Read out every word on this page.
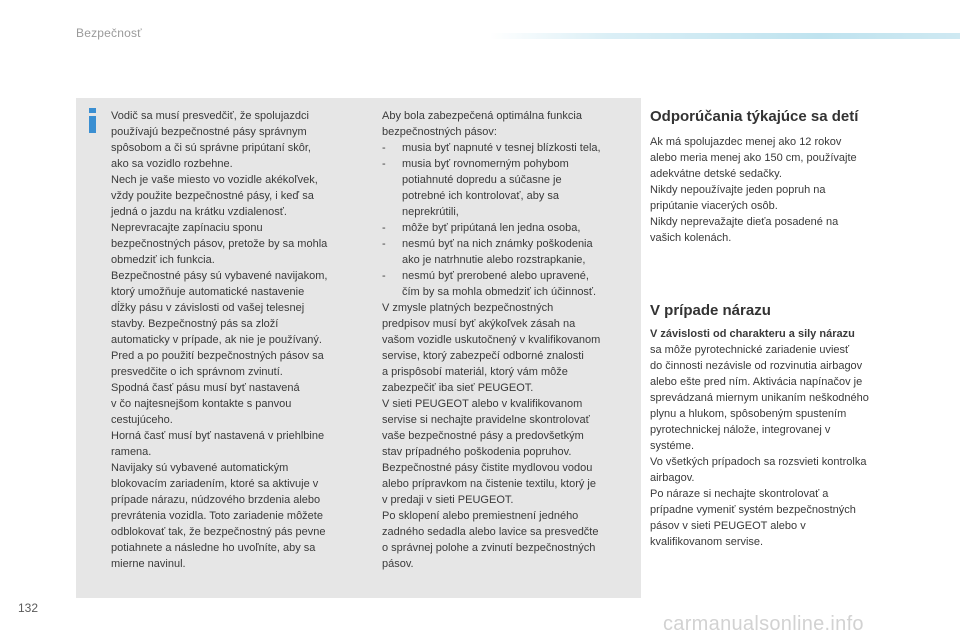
Bezpečnosť

Vodič sa musí presvedčiť, že spolujazdci

používajú bezpečnostné pásy správnym

spôsobom a či sú správne pripútaní skôr,

ako sa vozidlo rozbehne.

Nech je vaše miesto vo vozidle akékoľvek,

vždy použite bezpečnostné pásy, i keď sa

jedná o jazdu na krátku vzdialenosť.

Neprevracajte zapínaciu sponu

bezpečnostných pásov, pretože by sa mohla

obmedziť ich funkcia.

Bezpečnostné pásy sú vybavené navijakom,

ktorý umožňuje automatické nastavenie

dĺžky pásu v závislosti od vašej telesnej

stavby. Bezpečnostný pás sa zloží

automaticky v prípade, ak nie je používaný.

Pred a po použití bezpečnostných pásov sa

presvedčite o ich správnom zvinutí.

Spodná časť pásu musí byť nastavená

v čo najtesnejšom kontakte s panvou

cestujúceho.

Horná časť musí byť nastavená v priehlbine

ramena.

Navijaky sú vybavené automatickým

blokovacím zariadením, ktoré sa aktivuje v

prípade nárazu, núdzového brzdenia alebo

prevrátenia vozidla. Toto zariadenie môžete

odblokovať tak, že bezpečnostný pás pevne

potiahnete a následne ho uvoľníte, aby sa

mierne navinul.

Aby bola zabezpečená optimálna funkcia

bezpečnostných pásov:

- musia byť napnuté v tesnej blízkosti tela,

- musia byť rovnomerným pohybom

potiahnuté dopredu a súčasne je

potrebné ich kontrolovať, aby sa

neprekrútili,

- môže byť pripútaná len jedna osoba,

- nesmú byť na nich známky poškodenia

ako je natrhnutie alebo rozstrapkanie,

- nesmú byť prerobené alebo upravené,

čím by sa mohla obmedziť ich účinnosť.

V zmysle platných bezpečnostných

predpisov musí byť akýkoľvek zásah na

vašom vozidle uskutočnený v kvalifikovanom

servise, ktorý zabezpečí odborné znalosti

a prispôsobí materiál, ktorý vám môže

zabezpečiť iba sieť PEUGEOT.

V sieti PEUGEOT alebo v kvalifikovanom

servise si nechajte pravidelne skontrolovať

vaše bezpečnostné pásy a predovšetkým

stav prípadného poškodenia popruhov.

Bezpečnostné pásy čistite mydlovou vodou

alebo prípravkom na čistenie textilu, ktorý je

v predaji v sieti PEUGEOT.

Po sklopení alebo premiestnení jedného

zadného sedadla alebo lavice sa presvedčte

o správnej polohe a zvinutí bezpečnostných

pásov.

Odporúčania týkajúce sa detí

Ak má spolujazdec menej ako 12 rokov

alebo meria menej ako 150 cm, používajte

adekvátne detské sedačky.

Nikdy nepoužívajte jeden popruh na

pripútanie viacerých osôb.

Nikdy neprevažajte dieťa posadené na

vašich kolenách.

V prípade nárazu

V závislosti od charakteru a sily nárazu

sa môže pyrotechnické zariadenie uviesť

do činnosti nezávisle od rozvinutia airbagov

alebo ešte pred ním. Aktivácia napínačov je

sprevádzaná miernym unikaním neškodného

plynu a hlukom, spôsobeným spustením

pyrotechnickej nálože, integrovanej v

systéme.

Vo všetkých prípadoch sa rozsvieti kontrolka

airbagov.

Po náraze si nechajte skontrolovať a

prípadne vymeniť systém bezpečnostných

pásov v sieti PEUGEOT alebo v

kvalifikovanom servise.

132
carmanualsonline.info
